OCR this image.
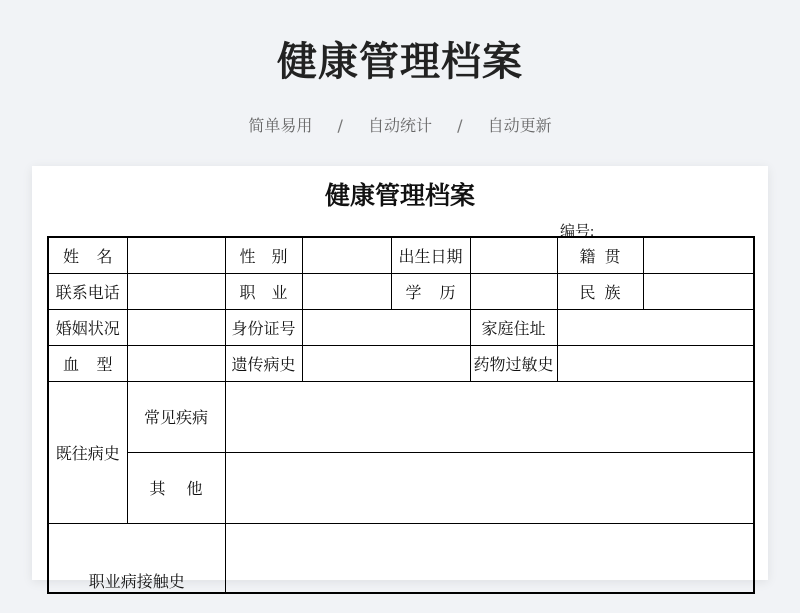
健康管理档案
简单易用 / 自动统计 / 自动更新
健康管理档案
编号:
姓名		性别		出生日期		籍贯	
联系电话		职业		学历		民族	
婚姻状况		身份证号			家庭住址		
血型		遗传病史			药物过敏史		
既往病史	常见疾病						
	其他						
职业病接触史							
